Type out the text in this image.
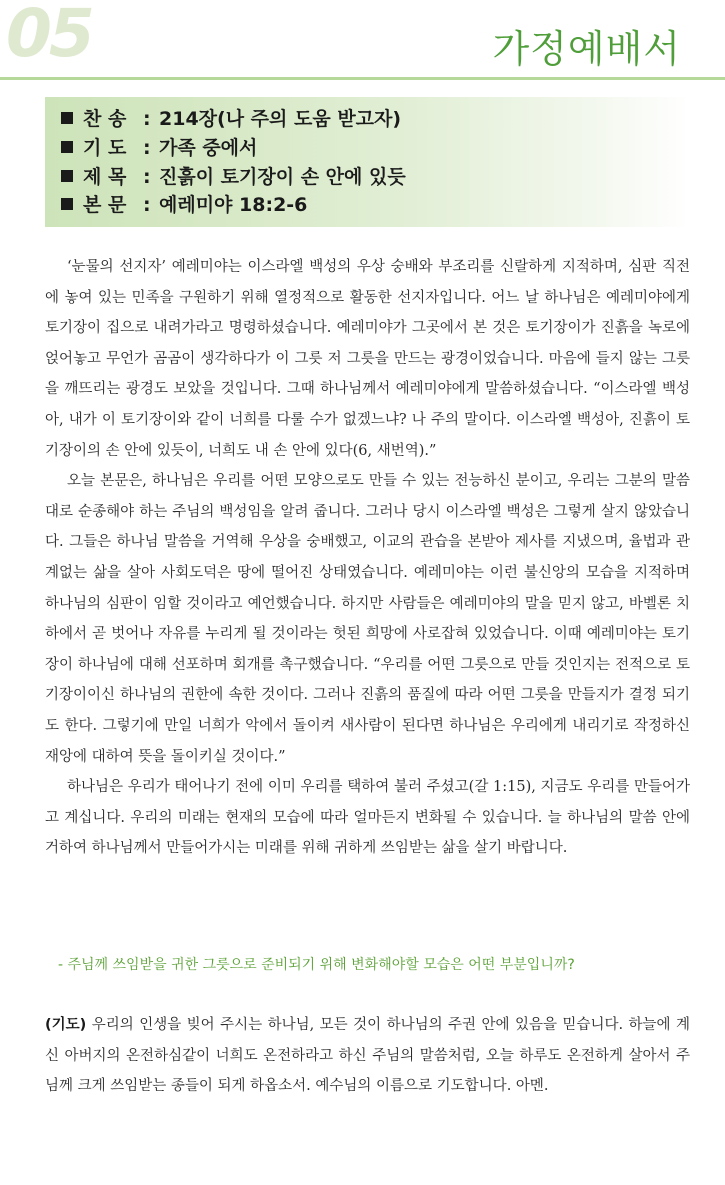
05	가정예배서
찬 송 : 214장(나 주의 도움 받고자)
기 도 : 가족 중에서
제 목 : 진흙이 토기장이 손 안에 있듯
본 문 : 예레미야 18:2-6

‘눈물의 선지자’ 예레미야는 이스라엘 백성의 우상 숭배와 부조리를 신랄하게 지적하며, 심판 직전에 놓여 있는 민족을 구원하기 위해 열정적으로 활동한 선지자입니다. 어느 날 하나님은 예레미야에게 토기장이 집으로 내려가라고 명령하셨습니다. 예레미야가 그곳에서 본 것은 토기장이가 진흙을 녹로에 얹어놓고 무언가 곰곰이 생각하다가 이 그릇 저 그릇을 만드는 광경이었습니다. 마음에 들지 않는 그릇을 깨뜨리는 광경도 보았을 것입니다. 그때 하나님께서 예레미야에게 말씀하셨습니다. “이스라엘 백성아, 내가 이 토기장이와 같이 너희를 다룰 수가 없겠느냐? 나 주의 말이다. 이스라엘 백성아, 진흙이 토기장이의 손 안에 있듯이, 너희도 내 손 안에 있다(6, 새번역).”

오늘 본문은, 하나님은 우리를 어떤 모양으로도 만들 수 있는 전능하신 분이고, 우리는 그분의 말씀대로 순종해야 하는 주님의 백성임을 알려 줍니다. 그러나 당시 이스라엘 백성은 그렇게 살지 않았습니다. 그들은 하나님 말씀을 거역해 우상을 숭배했고, 이교의 관습을 본받아 제사를 지냈으며, 율법과 관계없는 삶을 살아 사회도덕은 땅에 떨어진 상태였습니다. 예레미야는 이런 불신앙의 모습을 지적하며 하나님의 심판이 임할 것이라고 예언했습니다. 하지만 사람들은 예레미야의 말을 믿지 않고, 바벨론 치하에서 곧 벗어나 자유를 누리게 될 것이라는 헛된 희망에 사로잡혀 있었습니다. 이때 예레미야는 토기장이 하나님에 대해 선포하며 회개를 촉구했습니다. “우리를 어떤 그릇으로 만들 것인지는 전적으로 토기장이이신 하나님의 권한에 속한 것이다. 그러나 진흙의 품질에 따라 어떤 그릇을 만들지가 결정 되기도 한다. 그렇기에 만일 너희가 악에서 돌이켜 새사람이 된다면 하나님은 우리에게 내리기로 작정하신 재앙에 대하여 뜻을 돌이키실 것이다.”

하나님은 우리가 태어나기 전에 이미 우리를 택하여 불러 주셨고(갈 1:15), 지금도 우리를 만들어가고 계십니다. 우리의 미래는 현재의 모습에 따라 얼마든지 변화될 수 있습니다. 늘 하나님의 말씀 안에 거하여 하나님께서 만들어가시는 미래를 위해 귀하게 쓰임받는 삶을 살기 바랍니다.

- 주님께 쓰임받을 귀한 그릇으로 준비되기 위해 변화해야할 모습은 어떤 부분입니까?

(기도) 우리의 인생을 빚어 주시는 하나님, 모든 것이 하나님의 주권 안에 있음을 믿습니다. 하늘에 계신 아버지의 온전하심같이 너희도 온전하라고 하신 주님의 말씀처럼, 오늘 하루도 온전하게 살아서 주님께 크게 쓰임받는 종들이 되게 하옵소서. 예수님의 이름으로 기도합니다. 아멘.
